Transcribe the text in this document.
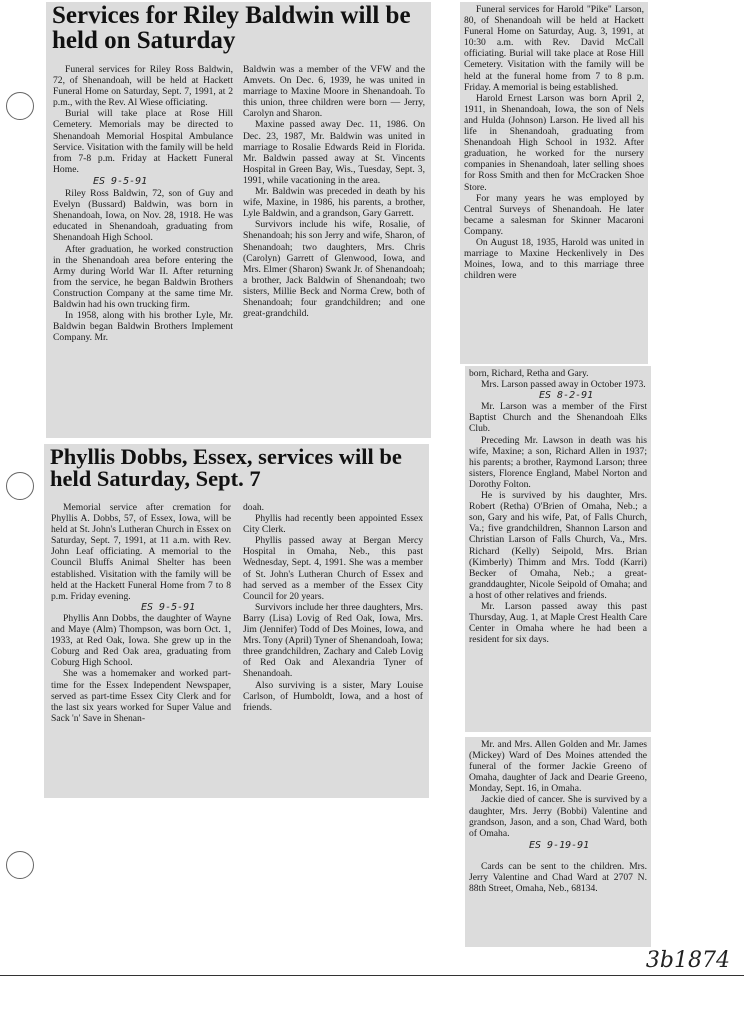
Services for Riley Baldwin will be held on Saturday

Funeral services for Riley Ross Baldwin, 72, of Shenandoah, will be held at Hackett Funeral Home on Saturday, Sept. 7, 1991, at 2 p.m., with the Rev. Al Wiese officiating.

Burial will take place at Rose Hill Cemetery. Memorials may be directed to Shenandoah Memorial Hospital Ambulance Service. Visitation with the family will be held from 7-8 p.m. Friday at Hackett Funeral Home.

ES 9-5-91

Riley Ross Baldwin, 72, son of Guy and Evelyn (Bussard) Baldwin, was born in Shenandoah, Iowa, on Nov. 28, 1918. He was educated in Shenandoah, graduating from Shenandoah High School.

After graduation, he worked construction in the Shenandoah area before entering the Army during World War II. After returning from the service, he began Baldwin Brothers Construction Company at the same time Mr. Baldwin had his own trucking firm.

In 1958, along with his brother Lyle, Mr. Baldwin began Baldwin Brothers Implement Company. Mr.

Baldwin was a member of the VFW and the Amvets. On Dec. 6, 1939, he was united in marriage to Maxine Moore in Shenandoah. To this union, three children were born — Jerry, Carolyn and Sharon.

Maxine passed away Dec. 11, 1986. On Dec. 23, 1987, Mr. Baldwin was united in marriage to Rosalie Edwards Reid in Florida. Mr. Baldwin passed away at St. Vincents Hospital in Green Bay, Wis., Tuesday, Sept. 3, 1991, while vacationing in the area.

Mr. Baldwin was preceded in death by his wife, Maxine, in 1986, his parents, a brother, Lyle Baldwin, and a grandson, Gary Garrett.

Survivors include his wife, Rosalie, of Shenandoah; his son Jerry and wife, Sharon, of Shenandoah; two daughters, Mrs. Chris (Carolyn) Garrett of Glenwood, Iowa, and Mrs. Elmer (Sharon) Swank Jr. of Shenandoah; a brother, Jack Baldwin of Shenandoah; two sisters, Millie Beck and Norma Crew, both of Shenandoah; four grandchildren; and one great-grandchild.

Phyllis Dobbs, Essex, services will be held Saturday, Sept. 7

Memorial service after cremation for Phyllis A. Dobbs, 57, of Essex, Iowa, will be held at St. John's Lutheran Church in Essex on Saturday, Sept. 7, 1991, at 11 a.m. with Rev. John Leaf officiating. A memorial to the Council Bluffs Animal Shelter has been established. Visitation with the family will be held at the Hackett Funeral Home from 7 to 8 p.m. Friday evening.

ES 9-5-91

Phyllis Ann Dobbs, the daughter of Wayne and Maye (Alm) Thompson, was born Oct. 1, 1933, at Red Oak, Iowa. She grew up in the Coburg and Red Oak area, graduating from Coburg High School.

She was a homemaker and worked part-time for the Essex Independent Newspaper, served as part-time Essex City Clerk and for the last six years worked for Super Value and Sack 'n' Save in Shenan-

doah.

Phyllis had recently been appointed Essex City Clerk.

Phyllis passed away at Bergan Mercy Hospital in Omaha, Neb., this past Wednesday, Sept. 4, 1991. She was a member of St. John's Lutheran Church of Essex and had served as a member of the Essex City Council for 20 years.

Survivors include her three daughters, Mrs. Barry (Lisa) Lovig of Red Oak, Iowa, Mrs. Jim (Jennifer) Todd of Des Moines, Iowa, and Mrs. Tony (April) Tyner of Shenandoah, Iowa; three grandchildren, Zachary and Caleb Lovig of Red Oak and Alexandria Tyner of Shenandoah.

Also surviving is a sister, Mary Louise Carlson, of Humboldt, Iowa, and a host of friends.

Funeral services for Harold "Pike" Larson, 80, of Shenandoah will be held at Hackett Funeral Home on Saturday, Aug. 3, 1991, at 10:30 a.m. with Rev. David McCall officiating. Burial will take place at Rose Hill Cemetery. Visitation with the family will be held at the funeral home from 7 to 8 p.m. Friday. A memorial is being established.

Harold Ernest Larson was born April 2, 1911, in Shenandoah, Iowa, the son of Nels and Hulda (Johnson) Larson. He lived all his life in Shenandoah, graduating from Shenandoah High School in 1932. After graduation, he worked for the nursery companies in Shenandoah, later selling shoes for Ross Smith and then for McCracken Shoe Store.

For many years he was employed by Central Surveys of Shenandoah. He later became a salesman for Skinner Macaroni Company.

On August 18, 1935, Harold was united in marriage to Maxine Heckenlively in Des Moines, Iowa, and to this marriage three children were

born, Richard, Retha and Gary.

Mrs. Larson passed away in October 1973.

ES 8-2-91

Mr. Larson was a member of the First Baptist Church and the Shenandoah Elks Club.

Preceding Mr. Lawson in death was his wife, Maxine; a son, Richard Allen in 1937; his parents; a brother, Raymond Larson; three sisters, Florence England, Mabel Norton and Dorothy Folton.

He is survived by his daughter, Mrs. Robert (Retha) O'Brien of Omaha, Neb.; a son, Gary and his wife, Pat, of Falls Church, Va.; five grandchildren, Shannon Larson and Christian Larson of Falls Church, Va., Mrs. Richard (Kelly) Seipold, Mrs. Brian (Kimberly) Thimm and Mrs. Todd (Karri) Becker of Omaha, Neb.; a great-granddaughter, Nicole Seipold of Omaha; and a host of other relatives and friends.

Mr. Larson passed away this past Thursday, Aug. 1, at Maple Crest Health Care Center in Omaha where he had been a resident for six days.

Mr. and Mrs. Allen Golden and Mr. James (Mickey) Ward of Des Moines attended the funeral of the former Jackie Greeno of Omaha, daughter of Jack and Dearie Greeno, Monday, Sept. 16, in Omaha.

Jackie died of cancer. She is survived by a daughter, Mrs. Jerry (Bobbi) Valentine and grandson, Jason, and a son, Chad Ward, both of Omaha.

ES 9-19-91

Cards can be sent to the children. Mrs. Jerry Valentine and Chad Ward at 2707 N. 88th Street, Omaha, Neb., 68134.

3b1874
